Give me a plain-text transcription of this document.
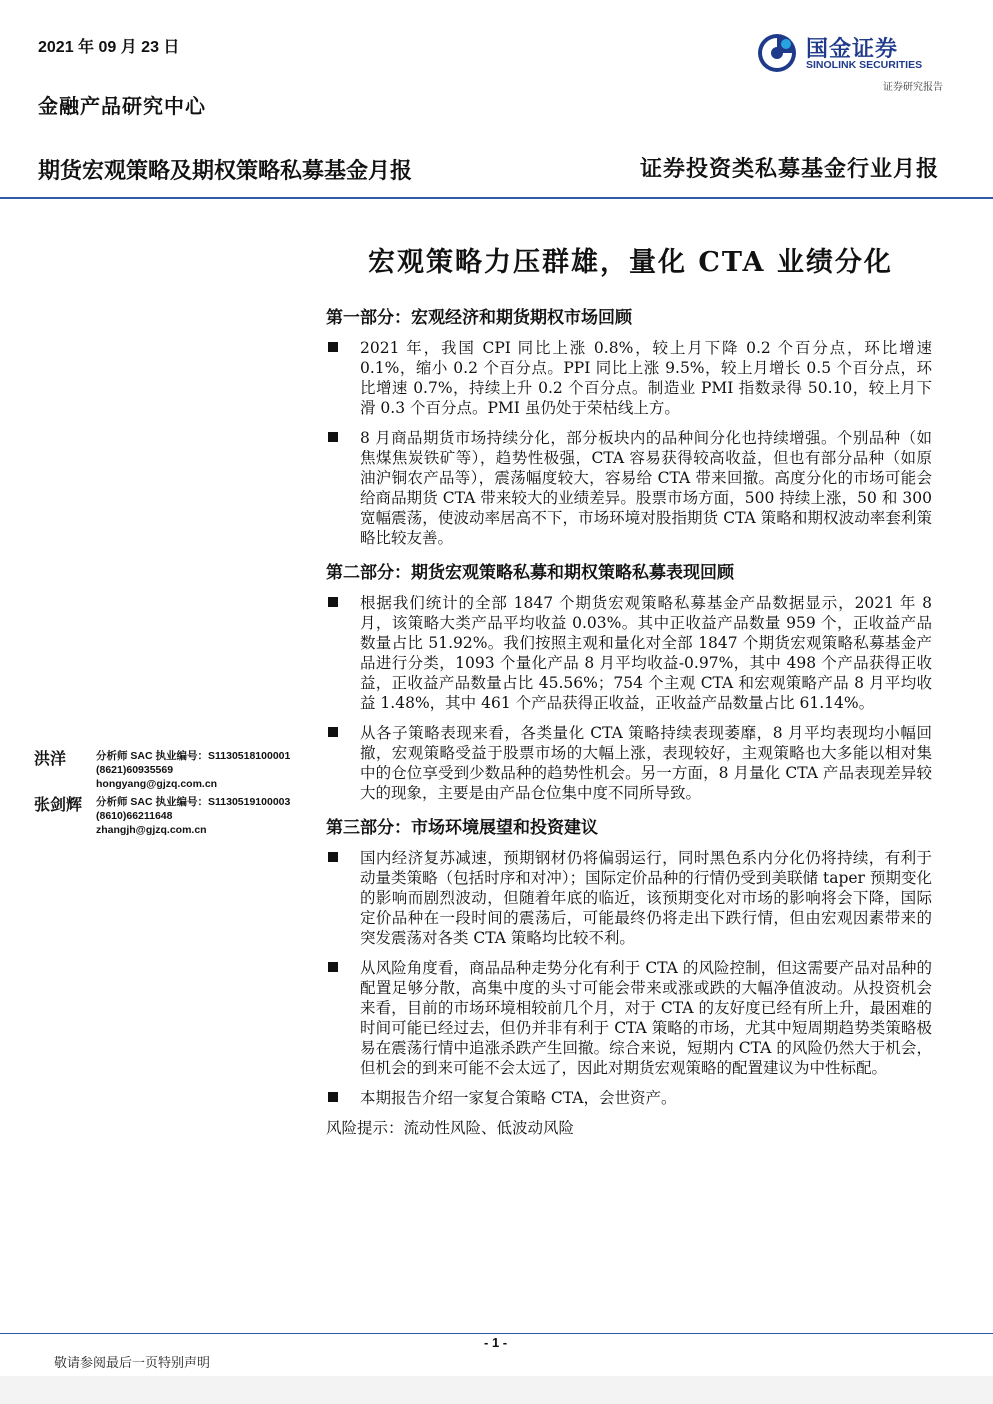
2021 年 09 月 23 日
金融产品研究中心
国金证券
SINOLINK SECURITIES
证券研究报告
期货宏观策略及期权策略私募基金月报	证券投资类私募基金行业月报
宏观策略力压群雄，量化 CTA 业绩分化
第一部分：宏观经济和期货期权市场回顾
2021 年，我国 CPI 同比上涨 0.8%，较上月下降 0.2 个百分点，环比增速 0.1%，缩小 0.2 个百分点。PPI 同比上涨 9.5%，较上月增长 0.5 个百分点，环比增速 0.7%，持续上升 0.2 个百分点。制造业 PMI 指数录得 50.10，较上月下滑 0.3 个百分点。PMI 虽仍处于荣枯线上方。
8 月商品期货市场持续分化，部分板块内的品种间分化也持续增强。个别品种（如焦煤焦炭铁矿等），趋势性极强，CTA 容易获得较高收益，但也有部分品种（如原油沪铜农产品等），震荡幅度较大，容易给 CTA 带来回撤。高度分化的市场可能会给商品期货 CTA 带来较大的业绩差异。股票市场方面，500 持续上涨，50 和 300 宽幅震荡，使波动率居高不下，市场环境对股指期货 CTA 策略和期权波动率套利策略比较友善。
第二部分：期货宏观策略私募和期权策略私募表现回顾
根据我们统计的全部 1847 个期货宏观策略私募基金产品数据显示，2021 年 8 月，该策略大类产品平均收益 0.03%。其中正收益产品数量 959 个，正收益产品数量占比 51.92%。我们按照主观和量化对全部 1847 个期货宏观策略私募基金产品进行分类，1093 个量化产品 8 月平均收益-0.97%，其中 498 个产品获得正收益，正收益产品数量占比 45.56%；754 个主观 CTA 和宏观策略产品 8 月平均收益 1.48%，其中 461 个产品获得正收益，正收益产品数量占比 61.14%。
从各子策略表现来看，各类量化 CTA 策略持续表现萎靡，8 月平均表现均小幅回撤，宏观策略受益于股票市场的大幅上涨，表现较好，主观策略也大多能以相对集中的仓位享受到少数品种的趋势性机会。另一方面，8 月量化 CTA 产品表现差异较大的现象，主要是由产品仓位集中度不同所导致。
第三部分：市场环境展望和投资建议
国内经济复苏减速，预期钢材仍将偏弱运行，同时黑色系内分化仍将持续，有利于动量类策略（包括时序和对冲）；国际定价品种的行情仍受到美联储 taper 预期变化的影响而剧烈波动，但随着年底的临近，该预期变化对市场的影响将会下降，国际定价品种在一段时间的震荡后，可能最终仍将走出下跌行情，但由宏观因素带来的突发震荡对各类 CTA 策略均比较不利。
从风险角度看，商品品种走势分化有利于 CTA 的风险控制，但这需要产品对品种的配置足够分散，高集中度的头寸可能会带来或涨或跌的大幅净值波动。从投资机会来看，目前的市场环境相较前几个月，对于 CTA 的友好度已经有所上升，最困难的时间可能已经过去，但仍并非有利于 CTA 策略的市场，尤其中短周期趋势类策略极易在震荡行情中追涨杀跌产生回撤。综合来说，短期内 CTA 的风险仍然大于机会，但机会的到来可能不会太远了，因此对期货宏观策略的配置建议为中性标配。
本期报告介绍一家复合策略 CTA，会世资产。
风险提示：流动性风险、低波动风险
洪洋	分析师 SAC 执业编号：S1130518100001
(8621)60935569
hongyang@gjzq.com.cn
张剑辉 分析师 SAC 执业编号：S1130519100003
(8610)66211648
zhangjh@gjzq.com.cn
- 1 -
敬请参阅最后一页特别声明
